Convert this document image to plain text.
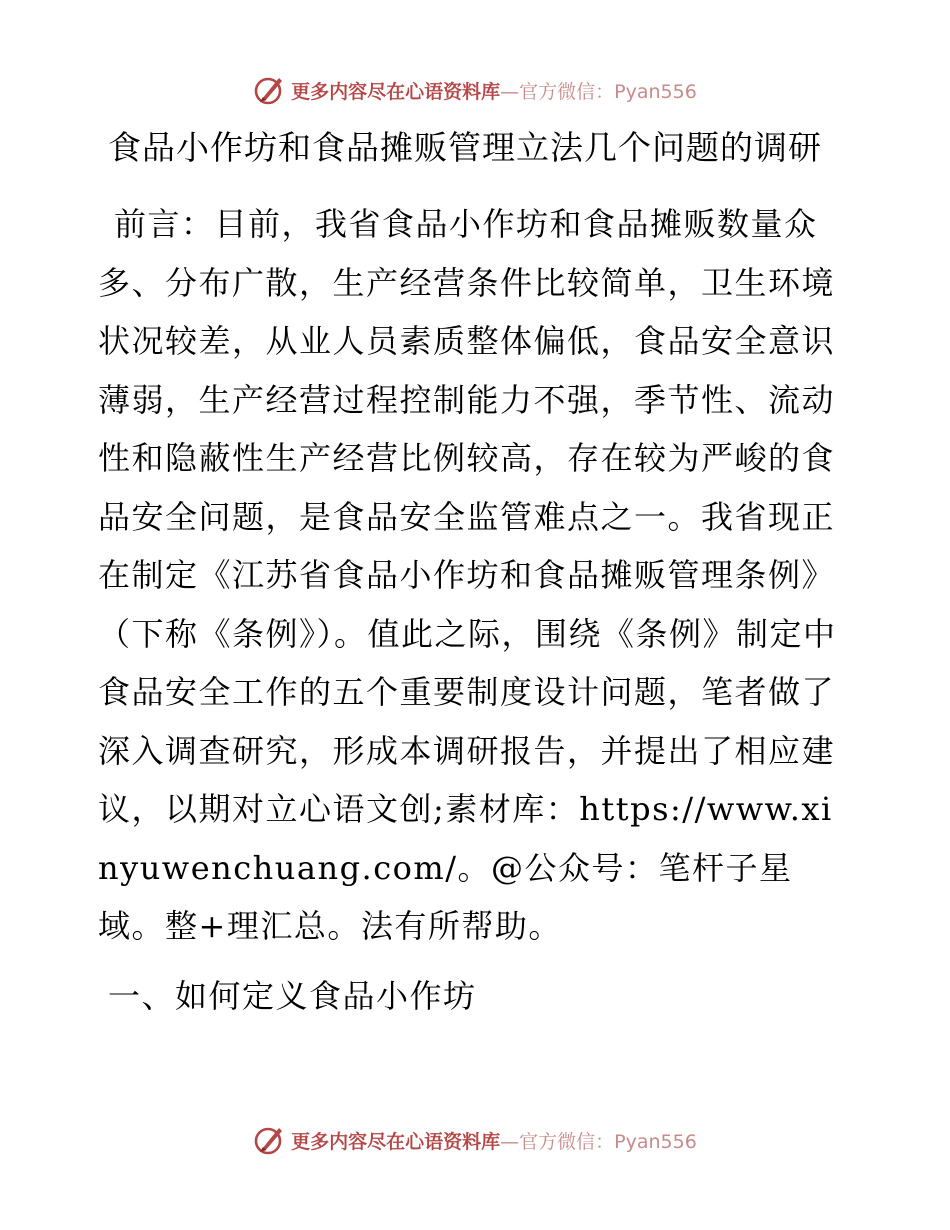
更多内容尽在心语资料库—官方微信：Pyan556
食品小作坊和食品摊贩管理立法几个问题的调研
前言：目前，我省食品小作坊和食品摊贩数量众多、分布广散，生产经营条件比较简单，卫生环境状况较差，从业人员素质整体偏低，食品安全意识薄弱，生产经营过程控制能力不强，季节性、流动性和隐蔽性生产经营比例较高，存在较为严峻的食品安全问题，是食品安全监管难点之一。我省现正在制定《江苏省食品小作坊和食品摊贩管理条例》（下称《条例》）。值此之际，围绕《条例》制定中食品安全工作的五个重要制度设计问题，笔者做了深入调查研究，形成本调研报告，并提出了相应建议，以期对立心语文创;素材库：https://www.xinyuwenchuang.com/。@公众号：笔杆子星域。整+理汇总。法有所帮助。
一、如何定义食品小作坊
更多内容尽在心语资料库—官方微信：Pyan556
